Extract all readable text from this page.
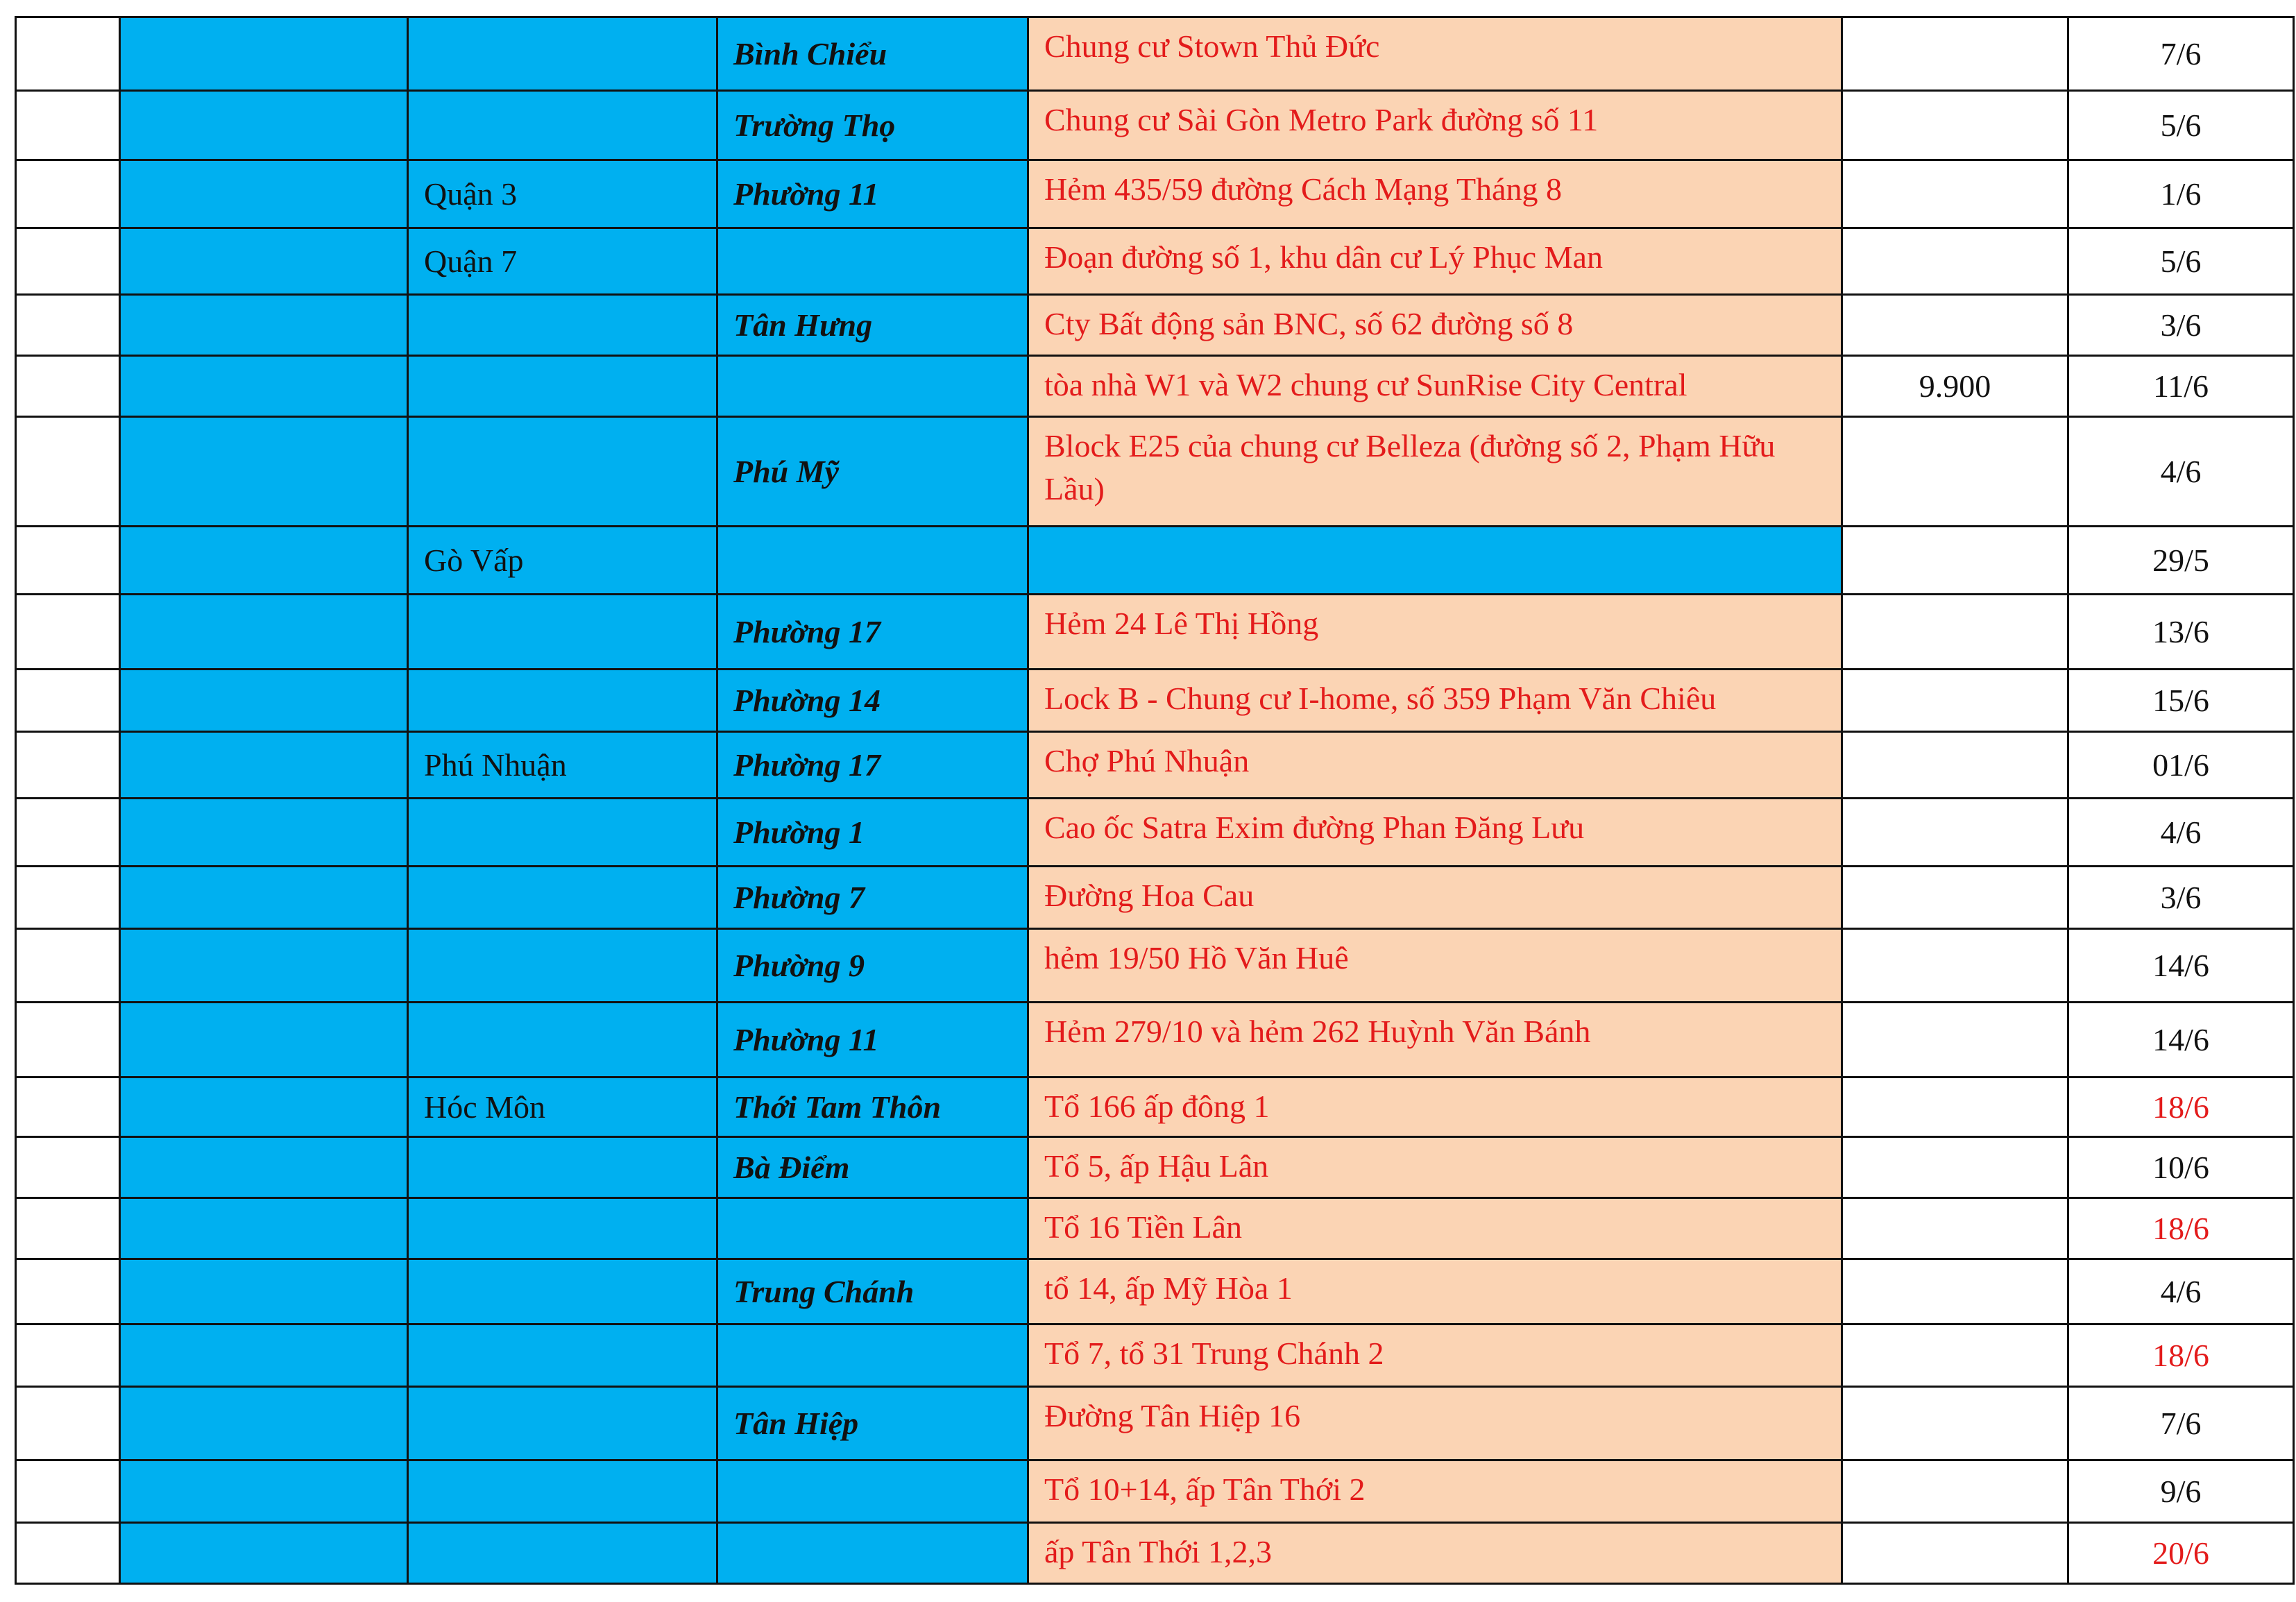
			Bình Chiểu	Chung cư Stown Thủ Đức		7/6
			Trường Thọ	Chung cư Sài Gòn Metro Park đường số 11		5/6
		Quận 3	Phường 11	Hẻm 435/59 đường Cách Mạng Tháng 8		1/6
		Quận 7		Đoạn đường số 1, khu dân cư Lý Phục Man		5/6
			Tân Hưng	Cty Bất động sản BNC, số 62 đường số 8		3/6

				tòa nhà W1 và W2 chung cư SunRise City Central	9.900	11/6
			Phú Mỹ	Block E25 của chung cư Belleza (đường số 2, Phạm Hữu Lầu)		4/6
		Gò Vấp				29/5
			Phường 17	Hẻm 24 Lê Thị Hồng		13/6
			Phường 14	Lock B - Chung cư I-home, số 359 Phạm Văn Chiêu		15/6
		Phú Nhuận	Phường 17	Chợ Phú Nhuận		01/6
			Phường 1	Cao ốc Satra Exim đường Phan Đăng Lưu		4/6
			Phường 7	Đường Hoa Cau		3/6
			Phường 9	hẻm 19/50 Hồ Văn Huê		14/6
			Phường 11	Hẻm 279/10 và hẻm 262 Huỳnh Văn Bánh		14/6
		Hóc Môn	Thới Tam Thôn	Tổ 166 ấp đông 1		18/6
			Bà Điểm	Tổ 5, ấp Hậu Lân		10/6

				Tổ 16 Tiền Lân		18/6
			Trung Chánh	tổ 14, ấp Mỹ Hòa 1		4/6

				Tổ 7, tổ 31 Trung Chánh 2		18/6
			Tân Hiệp	Đường Tân Hiệp 16		7/6

				Tổ 10+14, ấp Tân Thới 2		9/6

				ấp Tân Thới 1,2,3		20/6
